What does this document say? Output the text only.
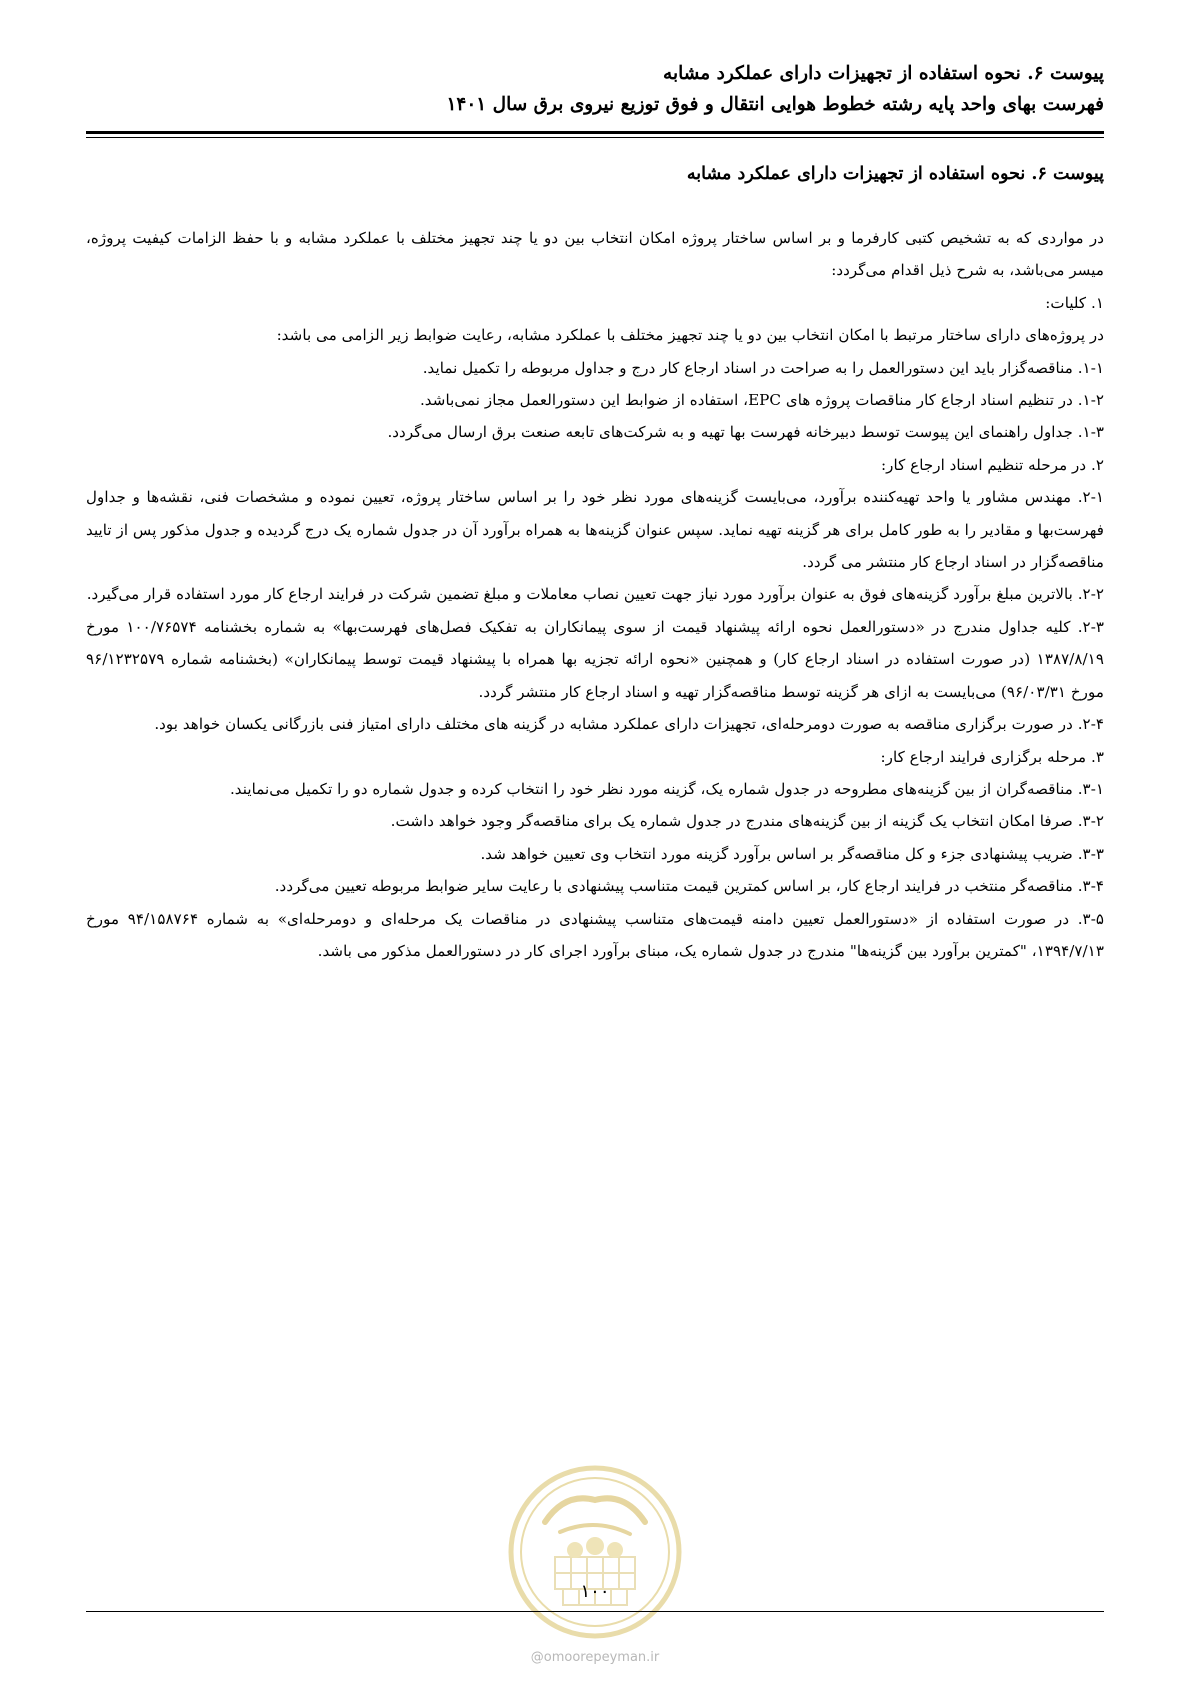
پیوست ۶. نحوه استفاده از تجهیزات دارای عملکرد مشابه
فهرست بهای واحد پایه رشته خطوط هوایی انتقال و فوق توزیع نیروی برق سال ۱۴۰۱
پیوست ۶. نحوه استفاده از تجهیزات دارای عملکرد مشابه

در مواردی که به تشخیص کتبی کارفرما و بر اساس ساختار پروژه امکان انتخاب بین دو یا چند تجهیز مختلف با عملکرد مشابه و با حفظ الزامات کیفیت پروژه، میسر می‌باشد، به شرح ذیل اقدام می‌گردد:

۱. کلیات:

در پروژه‌های دارای ساختار مرتبط با امکان انتخاب بین دو یا چند تجهیز مختلف با عملکرد مشابه، رعایت ضوابط زیر الزامی می باشد:

۱-۱. مناقصه‌گزار باید این دستورالعمل را به صراحت در اسناد ارجاع کار درج و جداول مربوطه را تکمیل نماید.

۱-۲. در تنظیم اسناد ارجاع کار مناقصات پروژه های EPC، استفاده از ضوابط این دستورالعمل مجاز نمی‌باشد.

۱-۳. جداول راهنمای این پیوست توسط دبیرخانه فهرست بها تهیه و به شرکت‌های تابعه صنعت برق ارسال می‌گردد.

۲. در مرحله تنظیم اسناد ارجاع کار:

۲-۱. مهندس مشاور یا واحد تهیه‌کننده برآورد، می‌بایست گزینه‌های مورد نظر خود را بر اساس ساختار پروژه، تعیین نموده و مشخصات فنی، نقشه‌ها و جداول فهرست‌بها و مقادیر را به طور کامل برای هر گزینه تهیه نماید. سپس عنوان گزینه‌ها به همراه برآورد آن در جدول شماره یک درج گردیده و جدول مذکور پس از تایید مناقصه‌گزار در اسناد ارجاع کار منتشر می گردد.

۲-۲. بالاترین مبلغ برآورد گزینه‌های فوق به عنوان برآورد مورد نیاز جهت تعیین نصاب معاملات و مبلغ تضمین شرکت در فرایند ارجاع کار مورد استفاده قرار می‌گیرد.

۲-۳. کلیه جداول مندرج در «دستورالعمل نحوه ارائه پیشنهاد قیمت از سوی پیمانکاران به تفکیک فصل‌های فهرست‌بها» به شماره بخشنامه ۱۰۰/۷۶۵۷۴ مورخ ۱۳۸۷/۸/۱۹ (در صورت استفاده در اسناد ارجاع کار) و همچنین «نحوه ارائه تجزیه بها همراه با پیشنهاد قیمت توسط پیمانکاران» (بخشنامه شماره ۹۶/۱۲۳۲۵۷۹ مورخ ۹۶/۰۳/۳۱) می‌بایست به ازای هر گزینه توسط مناقصه‌گزار تهیه و اسناد ارجاع کار منتشر گردد.

۲-۴. در صورت برگزاری مناقصه به صورت دومرحله‌ای، تجهیزات دارای عملکرد مشابه در گزینه های مختلف دارای امتیاز فنی بازرگانی یکسان خواهد بود.

۳. مرحله برگزاری فرایند ارجاع کار:

۳-۱. مناقصه‌گران از بین گزینه‌های مطروحه در جدول شماره یک، گزینه مورد نظر خود را انتخاب کرده و جدول شماره دو را تکمیل می‌نمایند.

۳-۲. صرفا امکان انتخاب یک گزینه از بین گزینه‌های مندرج در جدول شماره یک برای مناقصه‌گر وجود خواهد داشت.

۳-۳. ضریب پیشنهادی جزء و کل مناقصه‌گر بر اساس برآورد گزینه مورد انتخاب وی تعیین خواهد شد.

۳-۴. مناقصه‌گر منتخب در فرایند ارجاع کار، بر اساس کمترین قیمت متناسب پیشنهادی با رعایت سایر ضوابط مربوطه تعیین می‌گردد.

۳-۵. در صورت استفاده از «دستورالعمل تعیین دامنه قیمت‌های متناسب پیشنهادی در مناقصات یک مرحله‌ای و دومرحله‌ای» به شماره ۹۴/۱۵۸۷۶۴ مورخ ۱۳۹۴/۷/۱۳، "کمترین برآورد بین گزینه‌ها" مندرج در جدول شماره یک، مبنای برآورد اجرای کار در دستورالعمل مذکور می باشد.

۱۰۰
@omoorepeyman.ir
